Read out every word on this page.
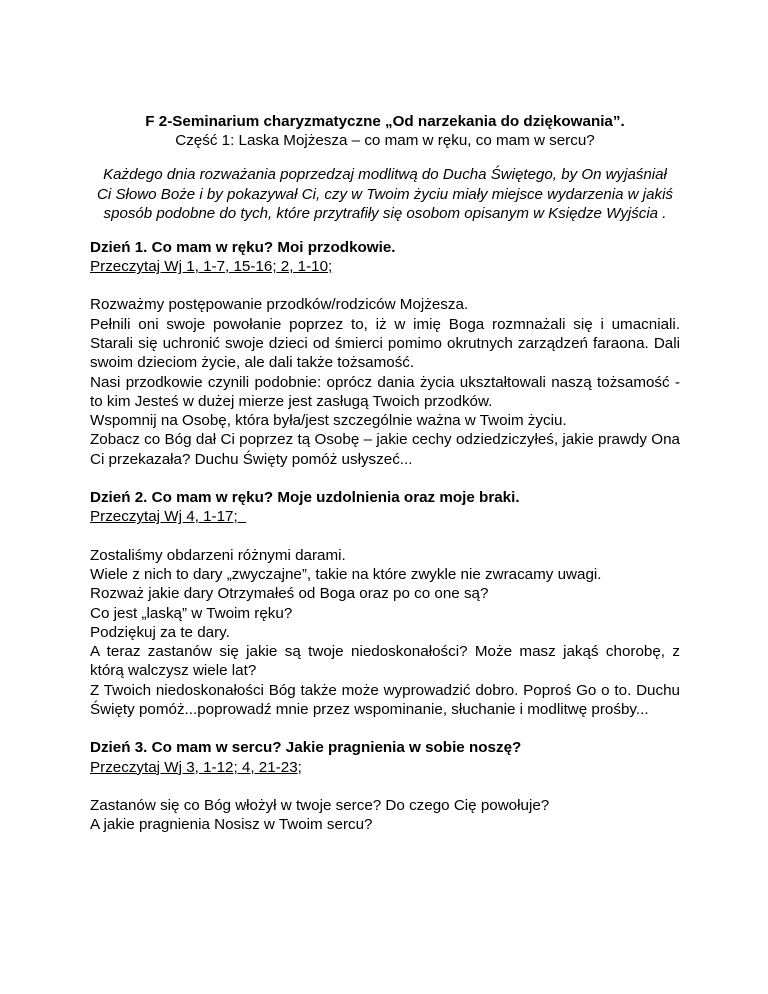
F 2-Seminarium charyzmatyczne „Od narzekania do dziękowania”.

Część 1: Laska Mojżesza – co mam w ręku, co mam w sercu?

Każdego dnia rozważania poprzedzaj modlitwą do Ducha Świętego, by On wyjaśniał Ci Słowo Boże i by pokazywał Ci, czy w Twoim życiu miały miejsce wydarzenia w jakiś sposób podobne do tych, które przytrafiły się osobom opisanym w Księdze Wyjścia .

Dzień 1. Co mam w ręku? Moi przodkowie.

Przeczytaj Wj 1, 1-7, 15-16; 2, 1-10;

Rozważmy postępowanie przodków/rodziców Mojżesza.

Pełnili oni swoje powołanie poprzez to, iż w imię Boga rozmnażali się i umacniali. Starali się uchronić swoje dzieci od śmierci pomimo okrutnych zarządzeń faraona. Dali swoim dzieciom życie, ale dali także tożsamość.

Nasi przodkowie czynili podobnie: oprócz dania życia ukształtowali naszą tożsamość - to kim Jesteś w dużej mierze jest zasługą Twoich przodków.

Wspomnij na Osobę, która była/jest szczególnie ważna w Twoim życiu.

Zobacz co Bóg dał Ci poprzez tą Osobę – jakie cechy odziedziczyłeś, jakie prawdy Ona Ci przekazała? Duchu Święty pomóż usłyszeć...

Dzień 2. Co mam w ręku? Moje uzdolnienia oraz moje braki.

Przeczytaj Wj 4, 1-17;

Zostaliśmy obdarzeni różnymi darami.

Wiele z nich to dary „zwyczajne”, takie na które zwykle nie zwracamy uwagi.

Rozważ jakie dary Otrzymałeś od Boga oraz po co one są?

Co jest „laską” w Twoim ręku?

Podziękuj za te dary.

A teraz zastanów się jakie są twoje niedoskonałości? Może masz jakąś chorobę, z którą walczysz wiele lat?

Z Twoich niedoskonałości Bóg także może wyprowadzić dobro. Poproś Go o to. Duchu Święty pomóż...poprowadź mnie przez wspominanie, słuchanie i modlitwę prośby...

Dzień 3. Co mam w sercu? Jakie pragnienia w sobie noszę?

Przeczytaj Wj 3, 1-12; 4, 21-23;

Zastanów się co Bóg włożył w twoje serce? Do czego Cię powołuje?

A jakie pragnienia Nosisz w Twoim sercu?
